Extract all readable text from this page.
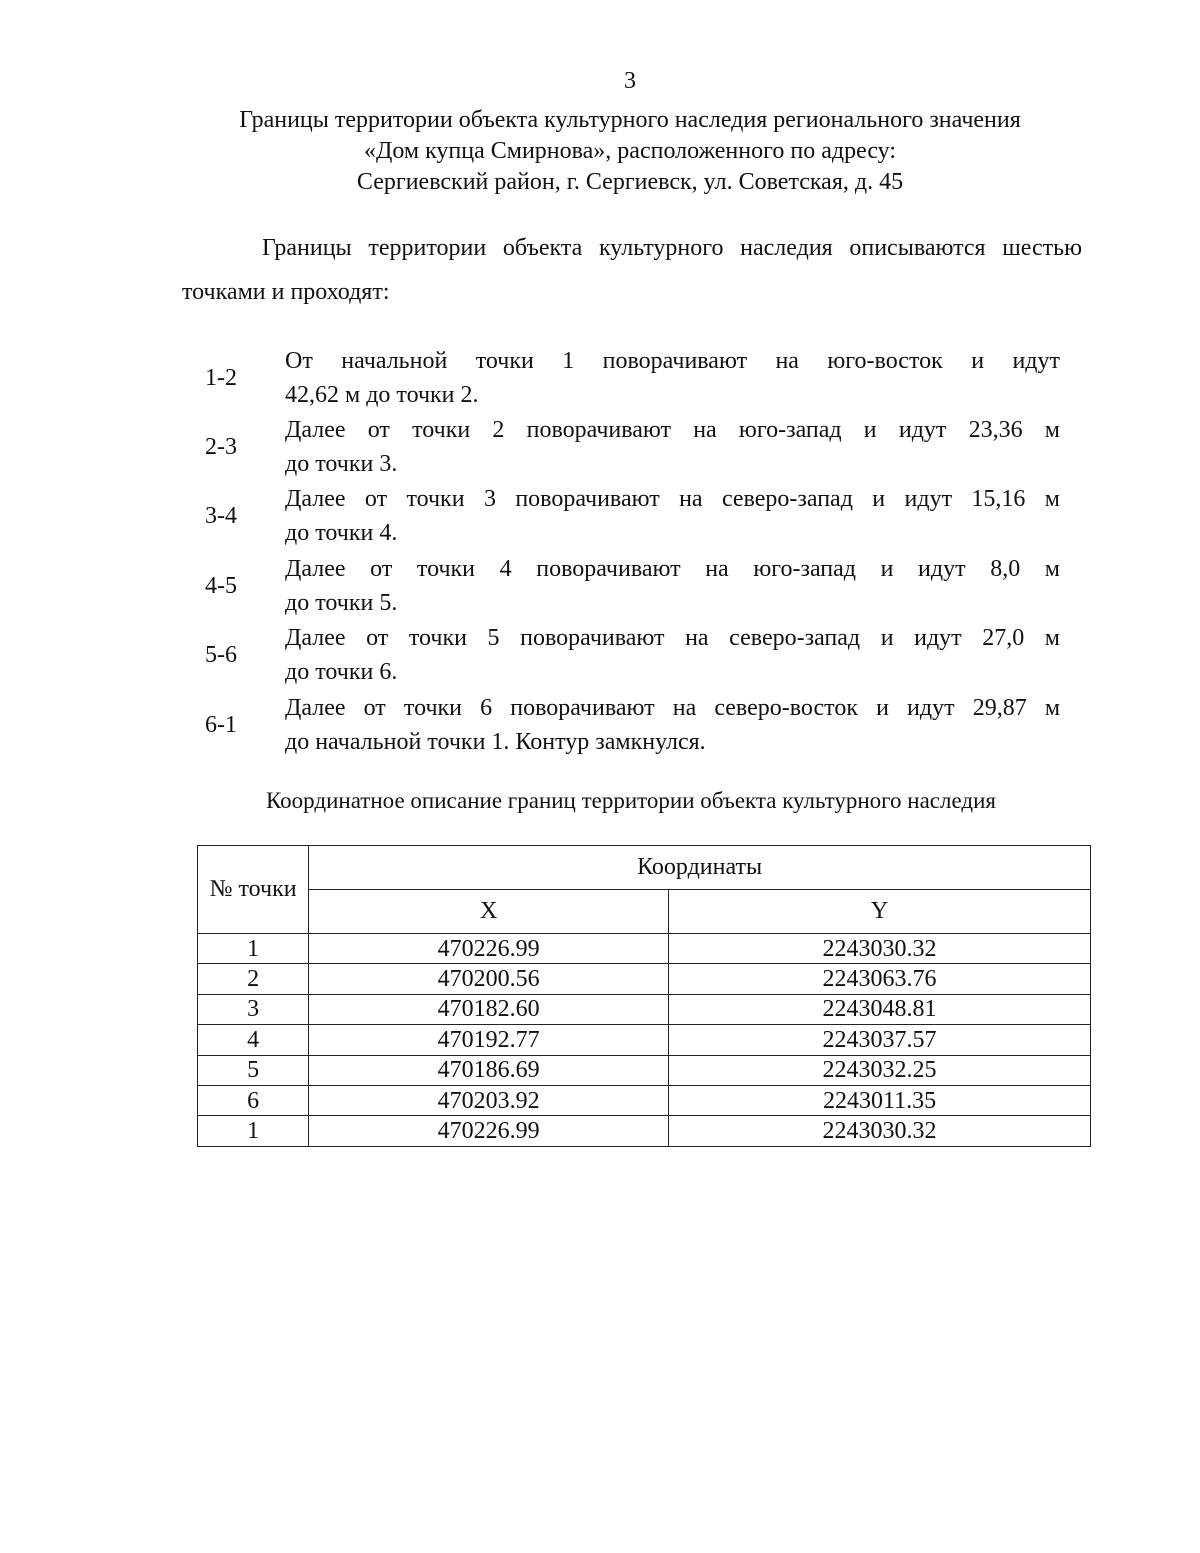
3
Границы территории объекта культурного наследия регионального значения
«Дом купца Смирнова», расположенного по адресу:
Сергиевский район, г. Сергиевск, ул. Советская, д. 45
Границы территории объекта культурного наследия описываются шестью
точками и проходят:
1-2
От начальной точки 1 поворачивают на юго-восток и идут
42,62 м до точки 2.
2-3
Далее от точки 2 поворачивают на юго-запад и идут 23,36 м
до точки 3.
3-4
Далее от точки 3 поворачивают на северо-запад и идут 15,16 м
до точки 4.
4-5
Далее от точки 4 поворачивают на юго-запад и идут 8,0 м
до точки 5.
5-6
Далее от точки 5 поворачивают на северо-запад и идут 27,0 м
до точки 6.
6-1
Далее от точки 6 поворачивают на северо-восток и идут 29,87 м
до начальной точки 1. Контур замкнулся.
Координатное описание границ территории объекта культурного наследия
№ точки	Координаты	
	X	Y
1	470226.99	2243030.32
2	470200.56	2243063.76
3	470182.60	2243048.81
4	470192.77	2243037.57
5	470186.69	2243032.25
6	470203.92	2243011.35
1	470226.99	2243030.32
